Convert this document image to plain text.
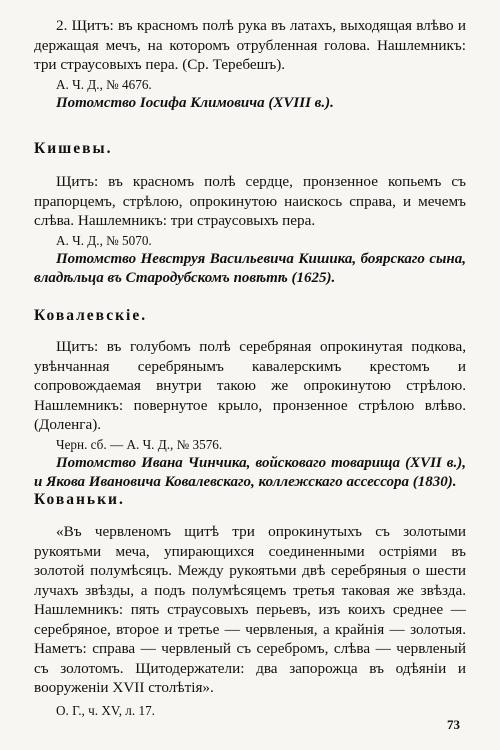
2. Щитъ: въ красномъ полѣ рука въ латахъ, выходящая влѣво и держащая мечъ, на которомъ отрубленная голова. Нашлемникъ: три страусовыхъ пера. (Ср. Теребешъ).

А. Ч. Д., № 4676.

Потомство Іосифа Климовича (XVIII в.).

Кишевы.

Щитъ: въ красномъ полѣ сердце, пронзенное копьемъ съ прапорцемъ, стрѣлою, опрокинутою наискось справа, и мечемъ слѣва. Нашлемникъ: три страусовыхъ пера.

А. Ч. Д., № 5070.

Потомство Невструя Васильевича Кишика, боярскаго сына, владѣльца въ Стародубскомъ повѣтѣ (1625).

Ковалевскіе.

Щитъ: въ голубомъ полѣ серебряная опрокинутая подкова, увѣнчанная серебрянымъ кавалерскимъ крестомъ и сопровождаемая внутри такою же опрокинутою стрѣлою. Нашлемникъ: повернутое крыло, пронзенное стрѣлою влѣво. (Доленга).

Черн. сб. — А. Ч. Д., № 3576.

Потомство Ивана Чинчика, войсковаго товарища (XVII в.), и Якова Ивановича Ковалевскаго, коллежскаго ассессора (1830).

Кованьки.

«Въ червленомъ щитѣ три опрокинутыхъ съ золотыми рукоятьми меча, упирающихся соединенными остріями въ золотой полумѣсяцъ. Между рукоятьми двѣ серебряныя о шести лучахъ звѣзды, а подъ полумѣсяцемъ третья таковая же звѣзда. Нашлемникъ: пять страусовыхъ перьевъ, изъ коихъ среднее — серебряное, второе и третье — червленыя, а крайнія — золотыя. Наметъ: справа — червленый съ серебромъ, слѣва — червленый съ золотомъ. Щитодержатели: два запорожца въ одѣяніи и вооруженіи XVII столѣтія».

О. Г., ч. XV, л. 17.

73
